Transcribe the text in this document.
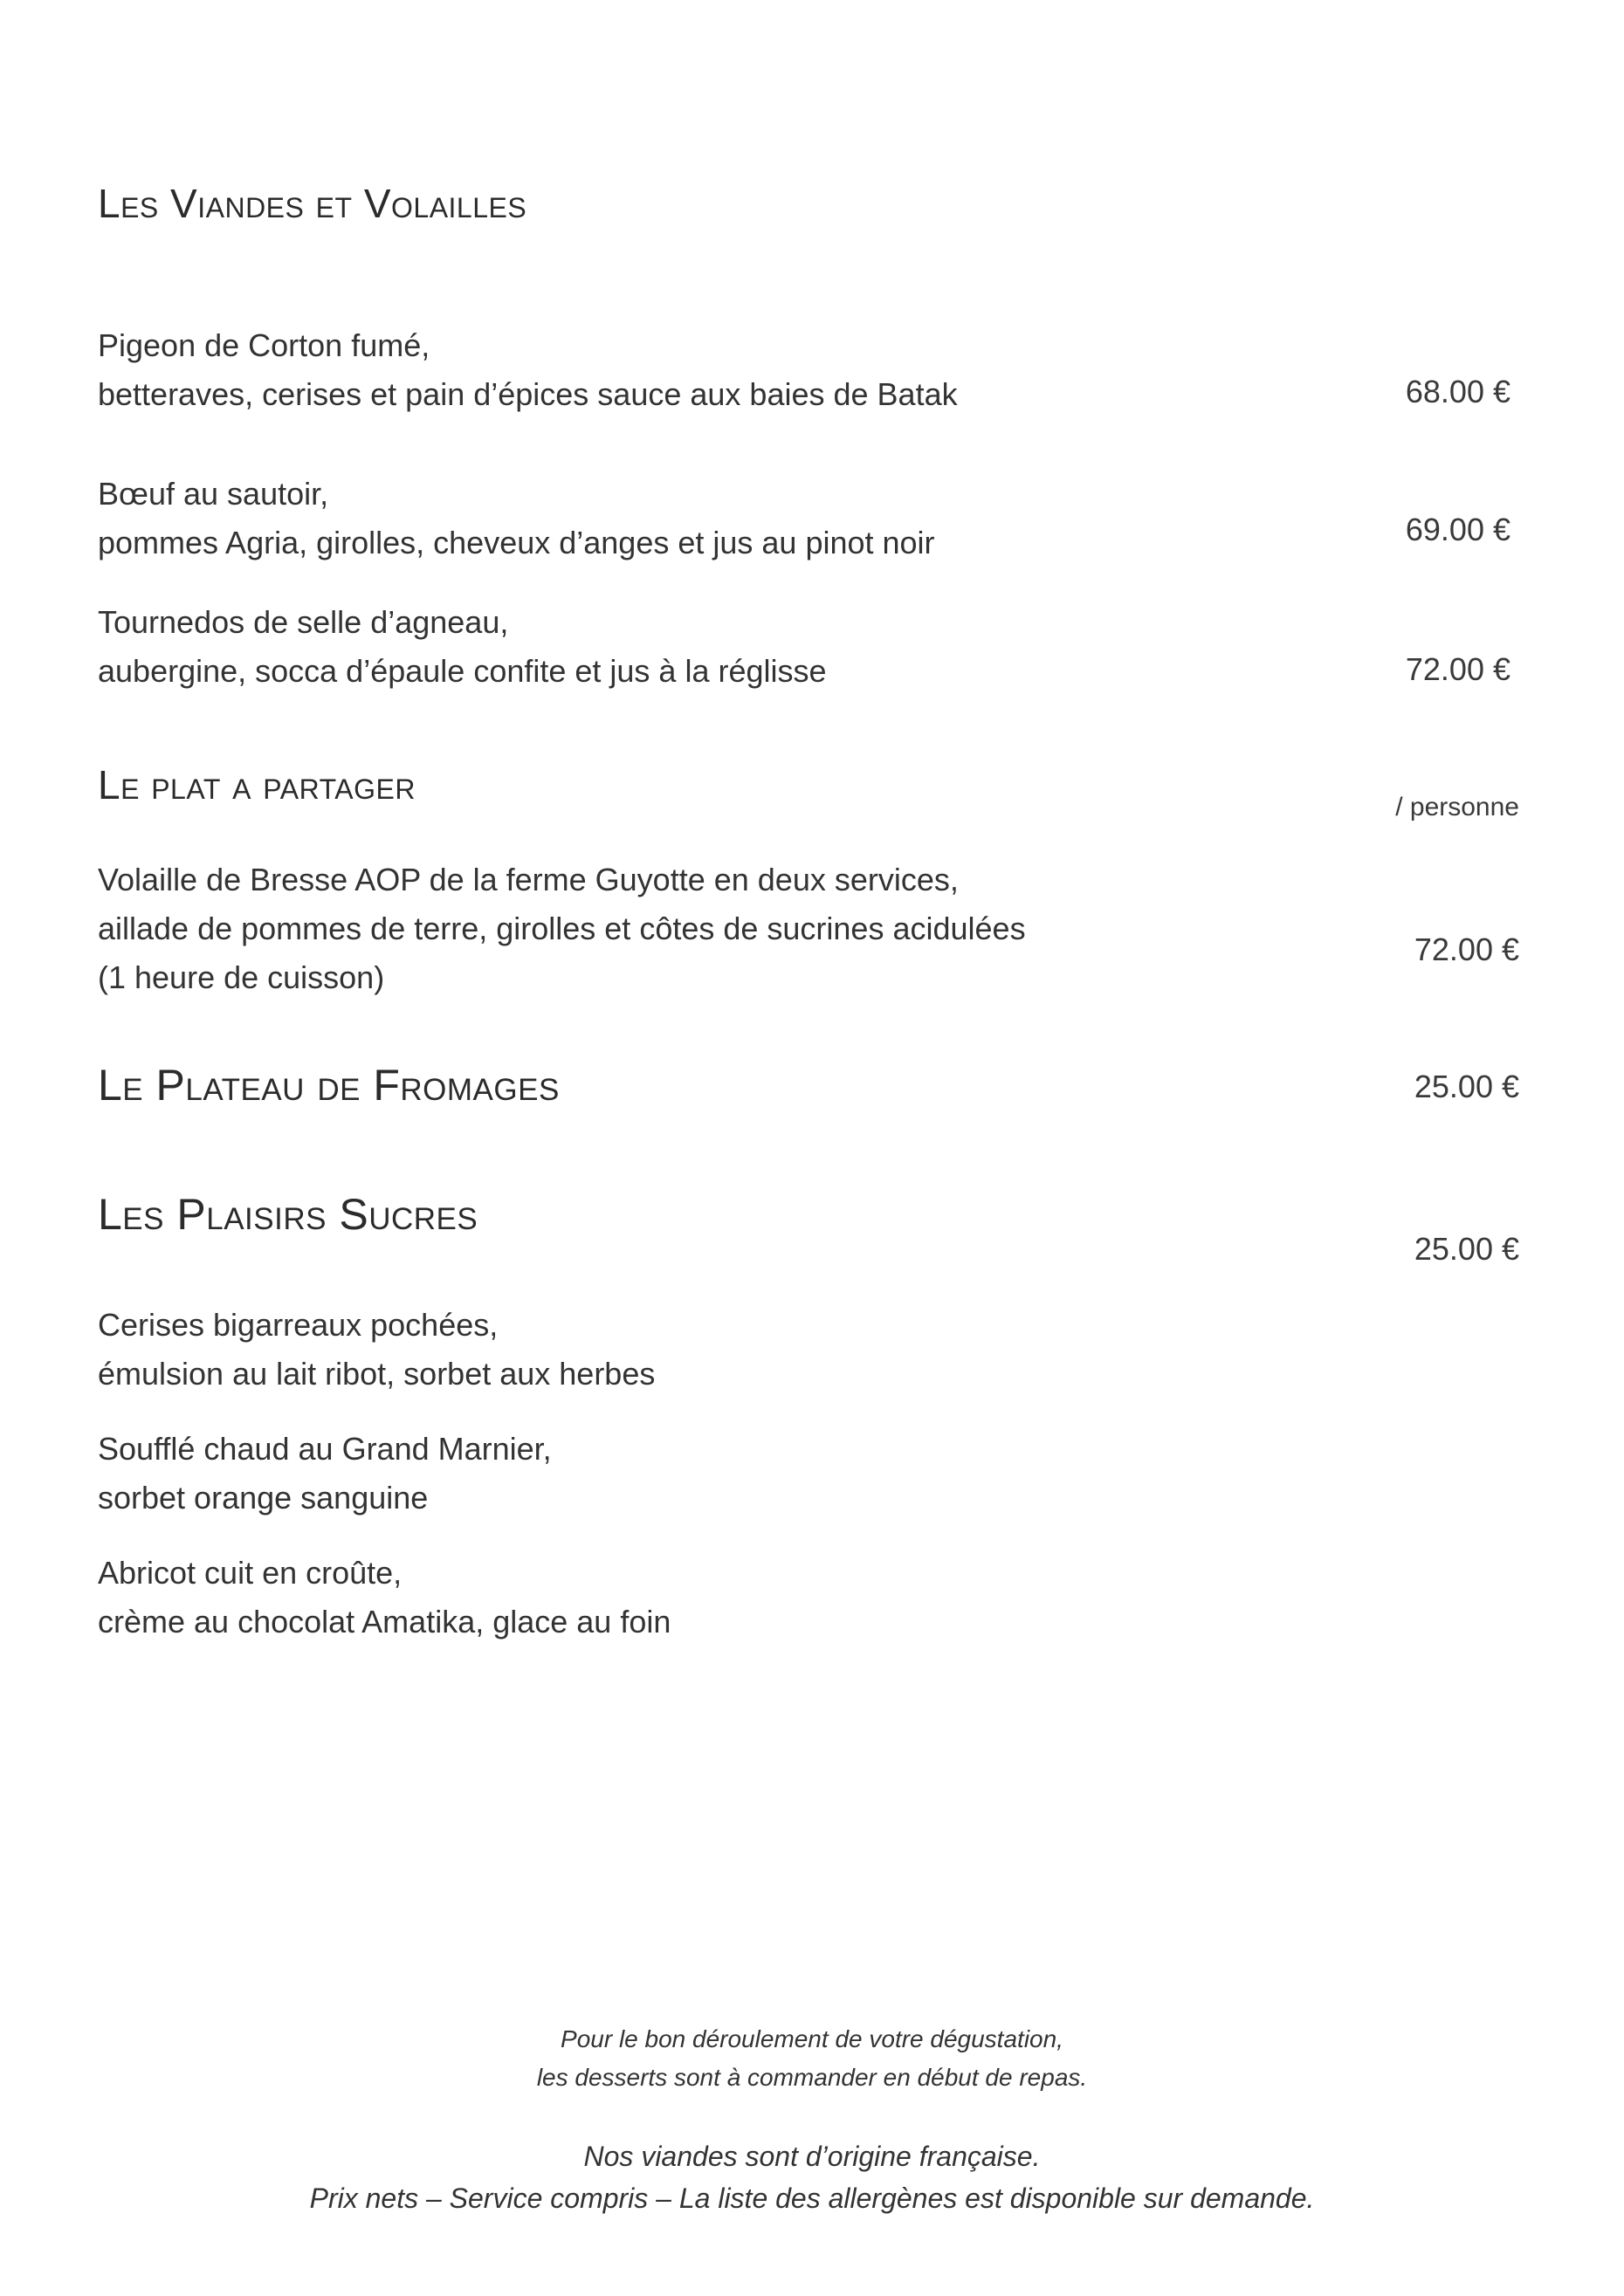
Les Viandes et Volailles
Pigeon de Corton fumé,
betteraves, cerises et pain d’épices sauce aux baies de Batak	68.00 €
Bœuf au sautoir,
pommes Agria, girolles, cheveux d’anges et jus au pinot noir	69.00 €
Tournedos de selle d’agneau,
aubergine, socca d’épaule confite et jus à la réglisse	72.00 €
Le plat a partager	/ personne
Volaille de Bresse AOP de la ferme Guyotte en deux services,
aillade de pommes de terre, girolles et côtes de sucrines acidulées
(1 heure de cuisson)
72.00 €
Le Plateau de Fromages	25.00 €
Les Plaisirs Sucres
25.00 €
Cerises bigarreaux pochées,
émulsion au lait ribot, sorbet aux herbes
Soufflé chaud au Grand Marnier,
sorbet orange sanguine
Abricot cuit en croûte,
crème au chocolat Amatika, glace au foin
Pour le bon déroulement de votre dégustation,
les desserts sont à commander en début de repas.
Nos viandes sont d’origine française.
Prix nets – Service compris – La liste des allergènes est disponible sur demande.
